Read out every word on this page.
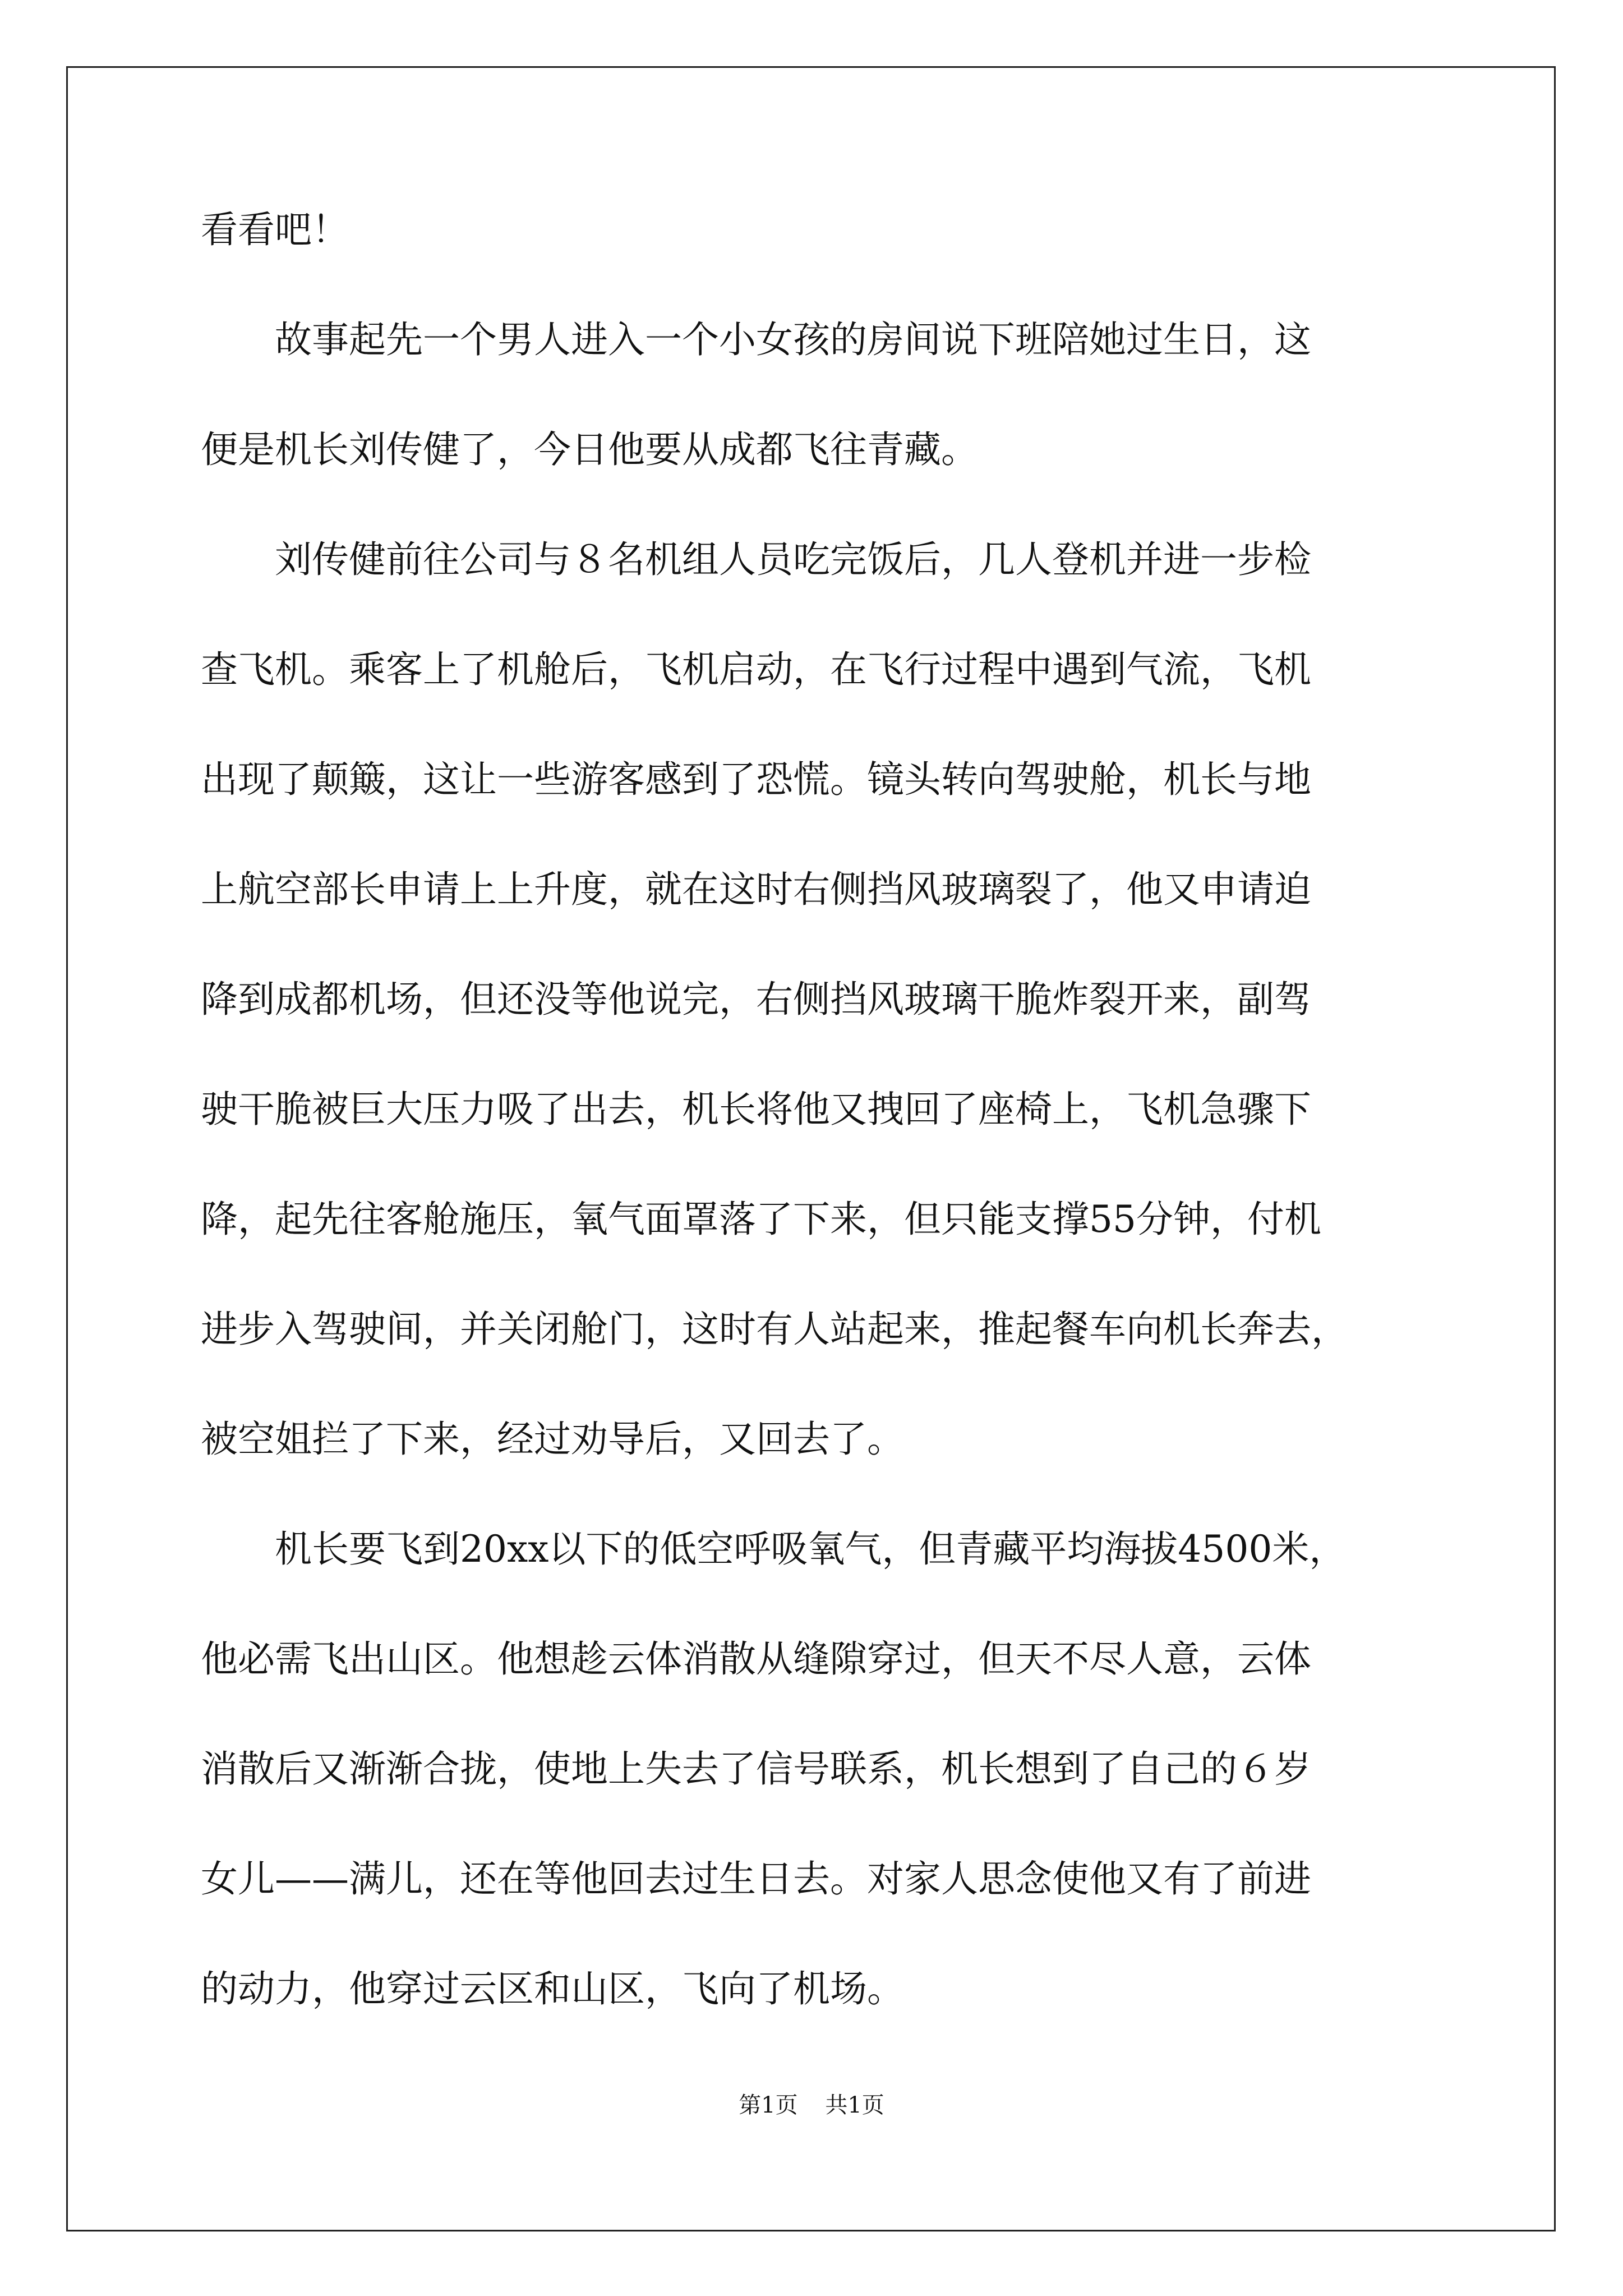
看看吧！
　　故事起先一个男人进入一个小女孩的房间说下班陪她过生日，这
便是机长刘传健了，今日他要从成都飞往青藏。
　　刘传健前往公司与８名机组人员吃完饭后，几人登机并进一步检
查飞机。乘客上了机舱后，飞机启动，在飞行过程中遇到气流，飞机
出现了颠簸，这让一些游客感到了恐慌。镜头转向驾驶舱，机长与地
上航空部长申请上上升度，就在这时右侧挡风玻璃裂了，他又申请迫
降到成都机场，但还没等他说完，右侧挡风玻璃干脆炸裂开来，副驾
驶干脆被巨大压力吸了出去，机长将他又拽回了座椅上，飞机急骤下
降，起先往客舱施压，氧气面罩落了下来，但只能支撑55分钟，付机
进步入驾驶间，并关闭舱门，这时有人站起来，推起餐车向机长奔去，
被空姐拦了下来，经过劝导后，又回去了。
　　机长要飞到20xx以下的低空呼吸氧气，但青藏平均海拔4500米，
他必需飞出山区。他想趁云体消散从缝隙穿过，但天不尽人意，云体
消散后又渐渐合拢，使地上失去了信号联系，机长想到了自己的６岁
女儿——满儿，还在等他回去过生日去。对家人思念使他又有了前进
的动力，他穿过云区和山区，飞向了机场。
第1页 共1页
